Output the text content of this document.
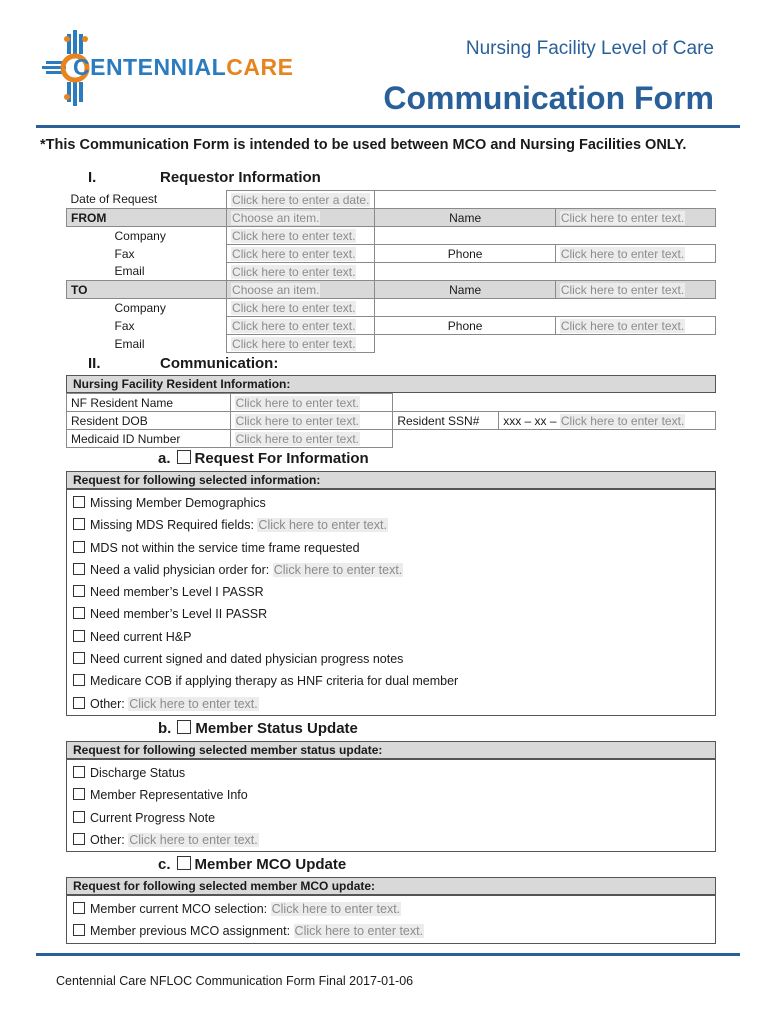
CENTENNIALCARE
Nursing Facility Level of Care
Communication Form
*This Communication Form is intended to be used between MCO and Nursing Facilities ONLY.
I.	Requestor Information
Date of Request	Click here to enter a date.		
FROM	Choose an item.	Name	Click here to enter text.
Company	Click here to enter text.		
Fax	Click here to enter text.	Phone	Click here to enter text.
Email	Click here to enter text.		
TO	Choose an item.	Name	Click here to enter text.
Company	Click here to enter text.		
Fax	Click here to enter text.	Phone	Click here to enter text.
Email	Click here to enter text.		
II.	Communication:
Nursing Facility Resident Information:
NF Resident Name	Click here to enter text.		
Resident DOB	Click here to enter text.	Resident SSN#	xxx – xx – Click here to enter text.
Medicaid ID Number	Click here to enter text.		
a. Request For Information
Request for following selected information:
Missing Member Demographics
Missing MDS Required fields: Click here to enter text.
MDS not within the service time frame requested
Need a valid physician order for: Click here to enter text.
Need member’s Level I PASSR
Need member’s Level II PASSR
Need current H&P
Need current signed and dated physician progress notes
Medicare COB if applying therapy as HNF criteria for dual member
Other: Click here to enter text.
b. Member Status Update
Request for following selected member status update:
Discharge Status
Member Representative Info
Current Progress Note
Other: Click here to enter text.
c. Member MCO Update
Request for following selected member MCO update:
Member current MCO selection: Click here to enter text.
Member previous MCO assignment: Click here to enter text.
Centennial Care NFLOC Communication Form Final 2017-01-06
